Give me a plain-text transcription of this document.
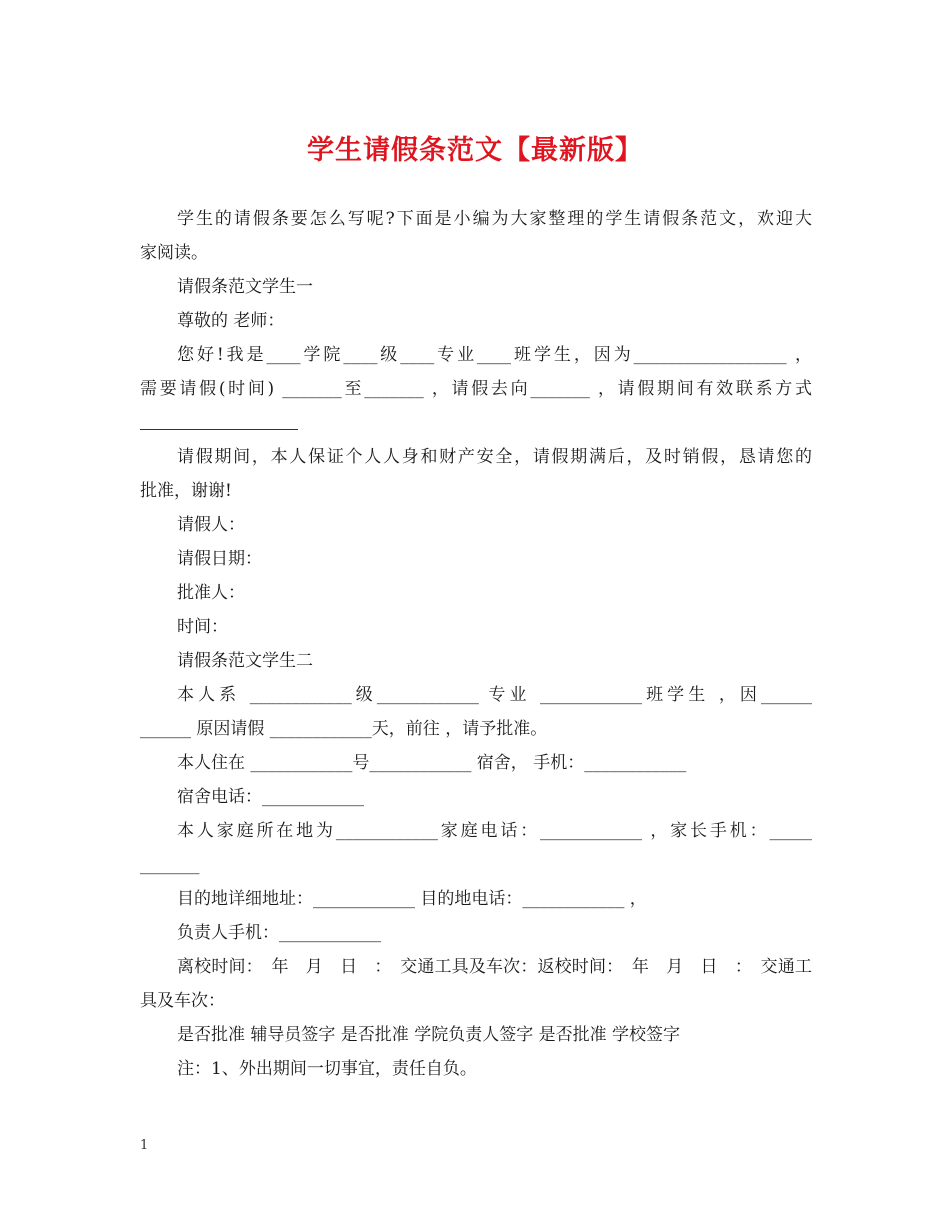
学生请假条范文【最新版】

学生的请假条要怎么写呢?下面是小编为大家整理的学生请假条范文，欢迎大

家阅读。

请假条范文学生一

尊敬的 老师：

您好!我是____学院____级____专业____班学生，因为__________________ ，

需要请假(时间) _______至_______ ，请假去向_______ ，请假期间有效联系方式

请假期间，本人保证个人人身和财产安全，请假期满后，及时销假，恳请您的

批准，谢谢!

请假人：

请假日期：

批准人：

时间：

请假条范文学生二

本人系 ____________级____________ 专业 ____________班学生 ，因______

______ 原因请假 ____________天，前往 ，请予批准。

本人住在 ____________号____________ 宿舍， 手机：____________

宿舍电话：____________

本人家庭所在地为____________家庭电话：____________ ，家长手机：_____

_______

目的地详细地址：____________ 目的地电话：____________ ，

负责人手机：____________

离校时间：　年　月　日　：　交通工具及车次：返校时间：　年　月　日　：　交通工

具及车次：

是否批准 辅导员签字 是否批准 学院负责人签字 是否批准 学校签字

注：1、外出期间一切事宜，责任自负。

1
